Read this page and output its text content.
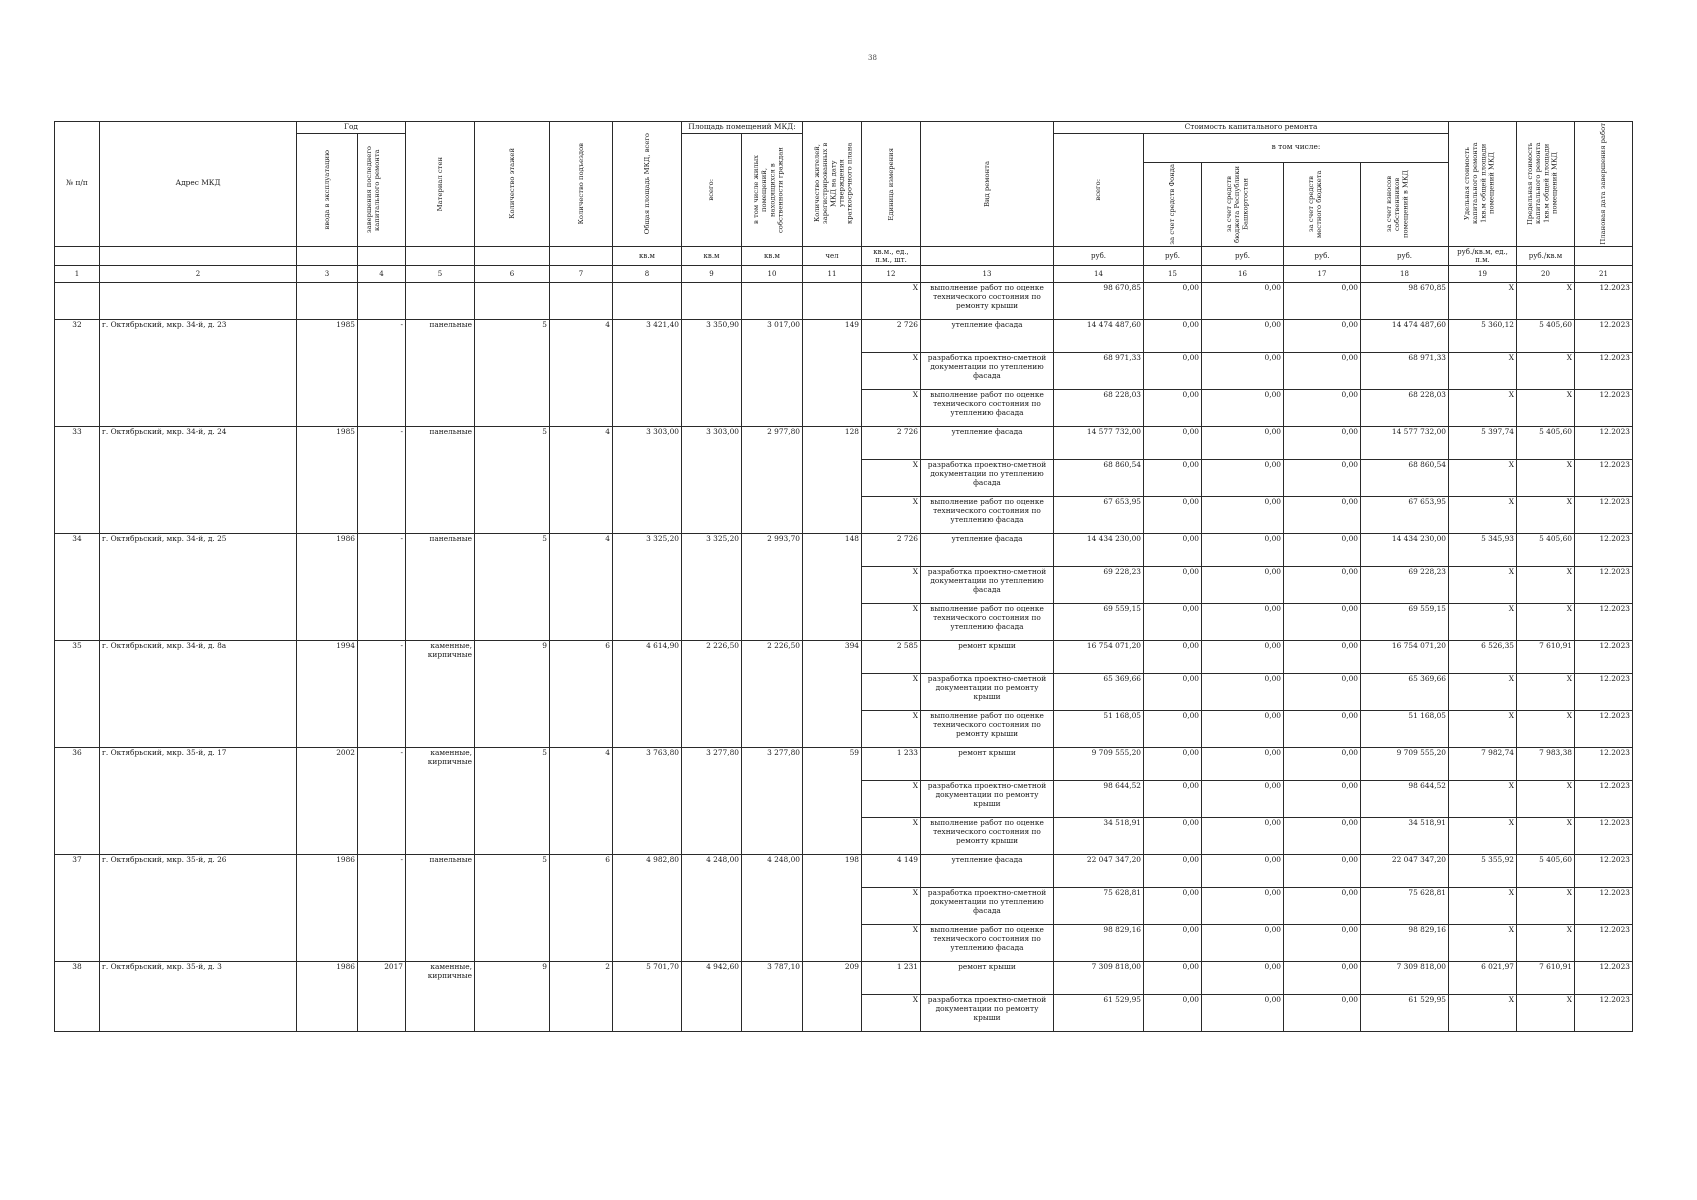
38
№ п/п	Адрес МКД	Год		Материал стен	Количество этажей	Количество подъездов	Общая площадь МКД, всего	Площадь помещений МКД:		Количество жителей, зарегистрированных в МКД на дату утверждения краткосрочного плана	Единица измерения	Вид ремонта	Стоимость капитального ремонта					Удельная стоимость капитального ремонта 1кв.м общей площади помещений МКД	Предельная стоимость капитального ремонта 1кв.м общей площади помещений МКД	Плановая дата завершения работ

		ввода в эксплуатацию	завершения последнего капитального ремонта					всего:	в том числе жилых помещений, находящихся в собственности граждан				всего:	в том числе:						

														за счет средств Фонда	за счет средств бюджета Республики Башкортостан	за счет средств местного бюджета	за счет взносов собственников помещений в МКД			

							кв.м	кв.м	кв.м	чел	кв.м., ед., п.м., шт.		руб.	руб.	руб.	руб.	руб.	руб./кв.м, ед., п.м.	руб./кв.м	
1	2	3	4	5	6	7	8	9	10	11	12	13	14	15	16	17	18	19	20	21
											X	выполнение работ по оценке технического состояния по ремонту крыши	98 670,85	0,00	0,00	0,00	98 670,85	X	X	12.2023
32	г. Октябрьский, мкр. 34-й, д. 23	1985	-	панельные	5	4	3 421,40	3 350,90	3 017,00	149	2 726	утепление фасада	14 474 487,60	0,00	0,00	0,00	14 474 487,60	5 360,12	5 405,60	12.2023
											X	разработка проектно-сметной документации по утеплению фасада	68 971,33	0,00	0,00	0,00	68 971,33	X	X	12.2023
											X	выполнение работ по оценке технического состояния по утеплению фасада	68 228,03	0,00	0,00	0,00	68 228,03	X	X	12.2023
33	г. Октябрьский, мкр. 34-й, д. 24	1985	-	панельные	5	4	3 303,00	3 303,00	2 977,80	128	2 726	утепление фасада	14 577 732,00	0,00	0,00	0,00	14 577 732,00	5 397,74	5 405,60	12.2023
											X	разработка проектно-сметной документации по утеплению фасада	68 860,54	0,00	0,00	0,00	68 860,54	X	X	12.2023
											X	выполнение работ по оценке технического состояния по утеплению фасада	67 653,95	0,00	0,00	0,00	67 653,95	X	X	12.2023
34	г. Октябрьский, мкр. 34-й, д. 25	1986	-	панельные	5	4	3 325,20	3 325,20	2 993,70	148	2 726	утепление фасада	14 434 230,00	0,00	0,00	0,00	14 434 230,00	5 345,93	5 405,60	12.2023
											X	разработка проектно-сметной документации по утеплению фасада	69 228,23	0,00	0,00	0,00	69 228,23	X	X	12.2023
											X	выполнение работ по оценке технического состояния по утеплению фасада	69 559,15	0,00	0,00	0,00	69 559,15	X	X	12.2023
35	г. Октябрьский, мкр. 34-й, д. 8а	1994	-	каменные, кирпичные	9	6	4 614,90	2 226,50	2 226,50	394	2 585	ремонт крыши	16 754 071,20	0,00	0,00	0,00	16 754 071,20	6 526,35	7 610,91	12.2023
											X	разработка проектно-сметной документации по ремонту крыши	65 369,66	0,00	0,00	0,00	65 369,66	X	X	12.2023
											X	выполнение работ по оценке технического состояния по ремонту крыши	51 168,05	0,00	0,00	0,00	51 168,05	X	X	12.2023
36	г. Октябрьский, мкр. 35-й, д. 17	2002	-	каменные, кирпичные	5	4	3 763,80	3 277,80	3 277,80	59	1 233	ремонт крыши	9 709 555,20	0,00	0,00	0,00	9 709 555,20	7 982,74	7 983,38	12.2023
											X	разработка проектно-сметной документации по ремонту крыши	98 644,52	0,00	0,00	0,00	98 644,52	X	X	12.2023
											X	выполнение работ по оценке технического состояния по ремонту крыши	34 518,91	0,00	0,00	0,00	34 518,91	X	X	12.2023
37	г. Октябрьский, мкр. 35-й, д. 26	1986	-	панельные	5	6	4 982,80	4 248,00	4 248,00	198	4 149	утепление фасада	22 047 347,20	0,00	0,00	0,00	22 047 347,20	5 355,92	5 405,60	12.2023
											X	разработка проектно-сметной документации по утеплению фасада	75 628,81	0,00	0,00	0,00	75 628,81	X	X	12.2023
											X	выполнение работ по оценке технического состояния по утеплению фасада	98 829,16	0,00	0,00	0,00	98 829,16	X	X	12.2023
38	г. Октябрьский, мкр. 35-й, д. 3	1986	2017	каменные, кирпичные	9	2	5 701,70	4 942,60	3 787,10	209	1 231	ремонт крыши	7 309 818,00	0,00	0,00	0,00	7 309 818,00	6 021,97	7 610,91	12.2023
											X	разработка проектно-сметной документации по ремонту крыши	61 529,95	0,00	0,00	0,00	61 529,95	X	X	12.2023
